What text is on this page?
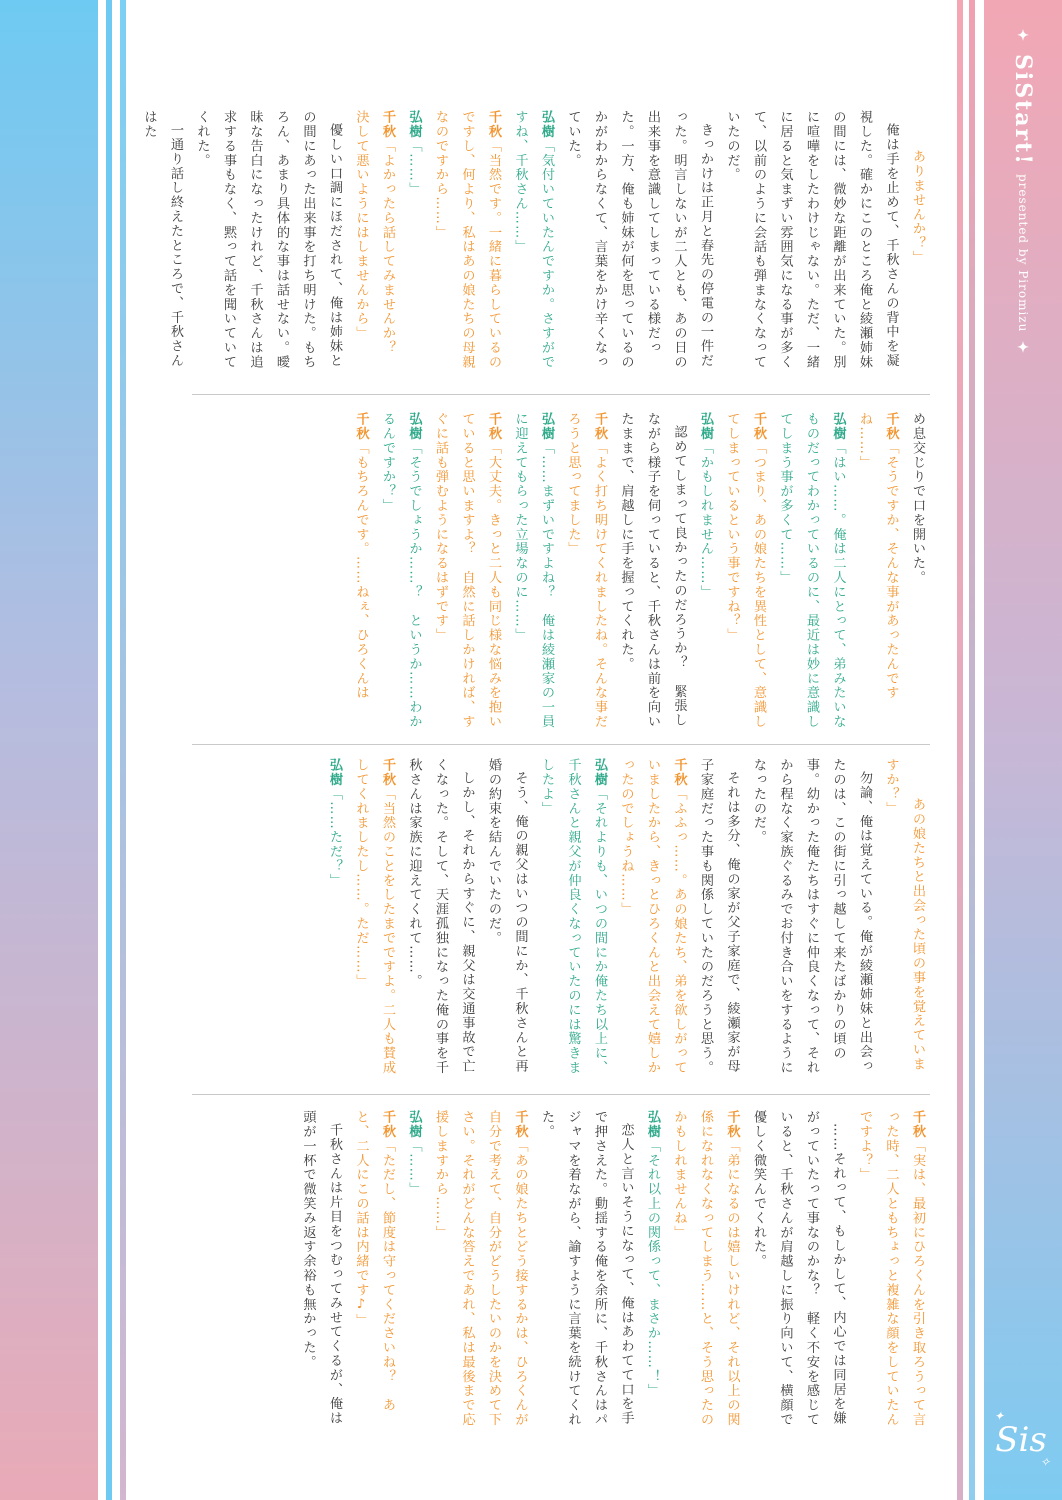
✦
SiStart!
presented by Piromizu
✦
✦
Sis
✧

ありませんか？」

俺は手を止めて、千秋さんの背中を凝視した。確かにこのところ俺と綾瀬姉妹の間には、微妙な距離が出来ていた。別に喧嘩をしたわけじゃない。ただ、一緒に居ると気まずい雰囲気になる事が多くて、以前のように会話も弾まなくなっていたのだ。

きっかけは正月と春先の停電の一件だった。明言しないが二人とも、あの日の出来事を意識してしまっている様だった。一方、俺も姉妹が何を思っているのかがわからなくて、言葉をかけ辛くなっていた。

弘樹「気付いていたんですか。さすがですね、千秋さん……」

千秋「当然です。一緒に暮らしているのですし、何より、私はあの娘たちの母親なのですから……」

弘樹「……」

千秋「よかったら話してみませんか？　決して悪いようにはしませんから」

優しい口調にほだされて、俺は姉妹との間にあった出来事を打ち明けた。もちろん、あまり具体的な事は話せない。曖昧な告白になったけれど、千秋さんは追求する事もなく、黙って話を聞いていてくれた。

一通り話し終えたところで、千秋さんはた

め息交じりで口を開いた。

千秋「そうですか、そんな事があったんですね……」

弘樹「はい……。俺は二人にとって、弟みたいなものだってわかっているのに、最近は妙に意識してしまう事が多くて……」

千秋「つまり、あの娘たちを異性として、意識してしまっているという事ですね？」

弘樹「かもしれません……」

認めてしまって良かったのだろうか？　緊張しながら様子を伺っていると、千秋さんは前を向いたままで、肩越しに手を握ってくれた。

千秋「よく打ち明けてくれましたね。そんな事だろうと思ってました」

弘樹「……まずいですよね？　俺は綾瀬家の一員に迎えてもらった立場なのに……」

千秋「大丈夫。きっと二人も同じ様な悩みを抱いていると思いますよ？　自然に話しかければ、すぐに話も弾むようになるはずです」

弘樹「そうでしょうか……？　というか……わかるんですか？」

千秋「もちろんです。……ねぇ、ひろくんは

あの娘たちと出会った頃の事を覚えていますか？」

勿論、俺は覚えている。俺が綾瀬姉妹と出会ったのは、この街に引っ越して来たばかりの頃の事。幼かった俺たちはすぐに仲良くなって、それから程なく家族ぐるみでお付き合いをするようになったのだ。

それは多分、俺の家が父子家庭で、綾瀬家が母子家庭だった事も関係していたのだろうと思う。

千秋「ふふっ……。あの娘たち、弟を欲しがっていましたから、きっとひろくんと出会えて嬉しかったのでしょうね……」

弘樹「それよりも、いつの間にか俺たち以上に、千秋さんと親父が仲良くなっていたのには驚きましたよ」

そう、俺の親父はいつの間にか、千秋さんと再婚の約束を結んでいたのだ。

しかし、それからすぐに、親父は交通事故で亡くなった。そして、天涯孤独になった俺の事を千秋さんは家族に迎えてくれて……。

千秋「当然のことをしたまでですよ。二人も賛成してくれましたし……。ただ……」

弘樹「……ただ？」

千秋「実は、最初にひろくんを引き取ろうって言った時、二人ともちょっと複雑な顔をしていたんですよ？」

……それって、もしかして、内心では同居を嫌がっていたって事なのかな？　軽く不安を感じていると、千秋さんが肩越しに振り向いて、横顔で優しく微笑んでくれた。

千秋「弟になるのは嬉しいけれど、それ以上の関係になれなくなってしまう……と、そう思ったのかもしれませんね」

弘樹「それ以上の関係って、まさか……！」

恋人と言いそうになって、俺はあわてて口を手で押さえた。動揺する俺を余所に、千秋さんはパジャマを着ながら、諭すように言葉を続けてくれた。

千秋「あの娘たちとどう接するかは、ひろくんが自分で考えて、自分がどうしたいのかを決めて下さい。それがどんな答えであれ、私は最後まで応援しますから……」

弘樹「……」

千秋「ただし、節度は守ってくださいね？　あと、二人にこの話は内緒です♪」

千秋さんは片目をつむってみせてくるが、俺は頭が一杯で微笑み返す余裕も無かった。
